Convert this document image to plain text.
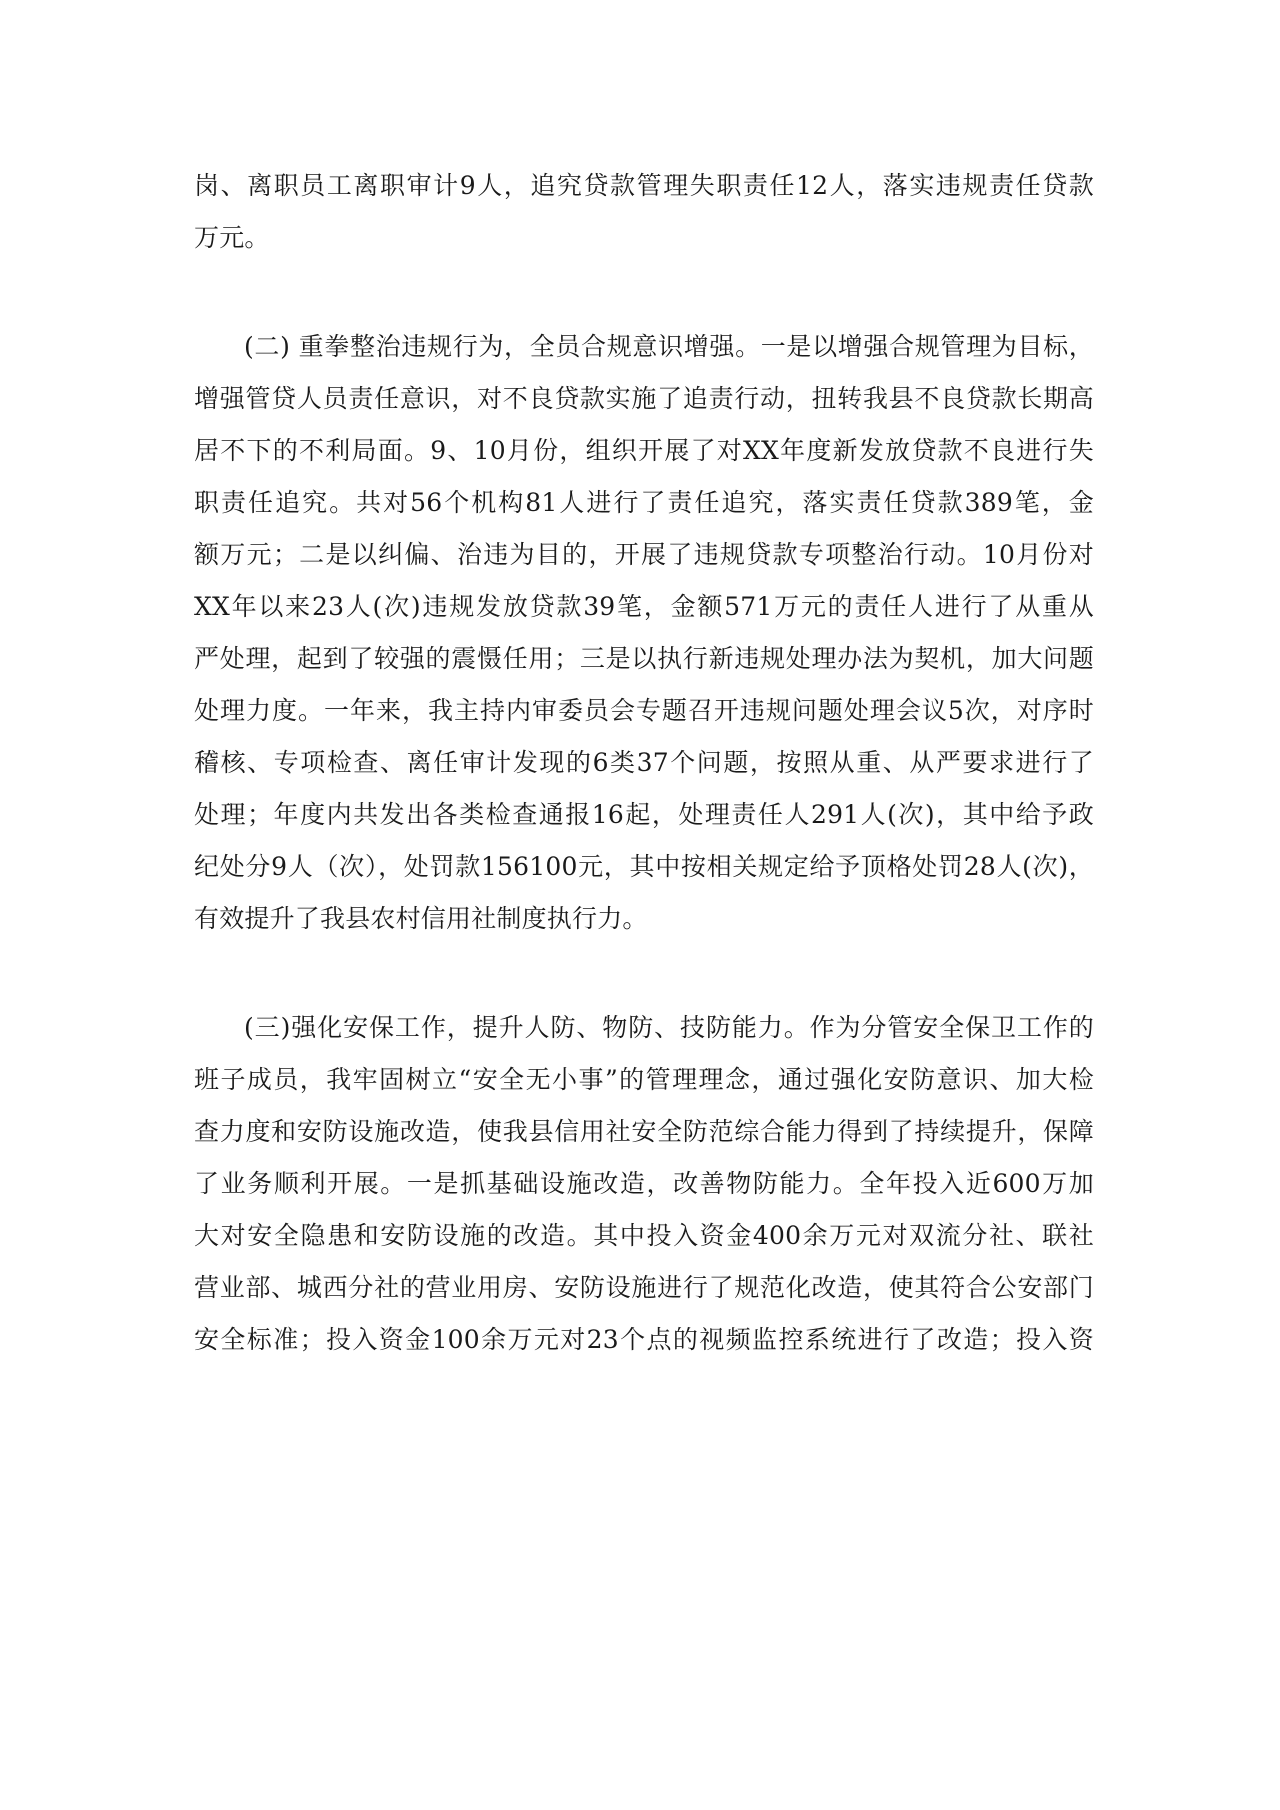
岗、离职员工离职审计9人，追究贷款管理失职责任12人，落实违规责任贷款
万元。
(二) 重拳整治违规行为，全员合规意识增强。一是以增强合规管理为目标，
增强管贷人员责任意识，对不良贷款实施了追责行动，扭转我县不良贷款长期高
居不下的不利局面。9、10月份，组织开展了对XX年度新发放贷款不良进行失
职责任追究。共对56个机构81人进行了责任追究，落实责任贷款389笔，金
额万元；二是以纠偏、治违为目的，开展了违规贷款专项整治行动。10月份对
XX年以来23人(次)违规发放贷款39笔，金额571万元的责任人进行了从重从
严处理，起到了较强的震慑任用；三是以执行新违规处理办法为契机，加大问题
处理力度。一年来，我主持内审委员会专题召开违规问题处理会议5次，对序时
稽核、专项检查、离任审计发现的6类37个问题，按照从重、从严要求进行了
处理；年度内共发出各类检查通报16起，处理责任人291人(次)，其中给予政
纪处分9人（次），处罚款156100元，其中按相关规定给予顶格处罚28人(次)，
有效提升了我县农村信用社制度执行力。
(三)强化安保工作，提升人防、物防、技防能力。作为分管安全保卫工作的
班子成员，我牢固树立“安全无小事”的管理理念，通过强化安防意识、加大检
查力度和安防设施改造，使我县信用社安全防范综合能力得到了持续提升，保障
了业务顺利开展。一是抓基础设施改造，改善物防能力。全年投入近600万加
大对安全隐患和安防设施的改造。其中投入资金400余万元对双流分社、联社
营业部、城西分社的营业用房、安防设施进行了规范化改造，使其符合公安部门
安全标准；投入资金100余万元对23个点的视频监控系统进行了改造；投入资
